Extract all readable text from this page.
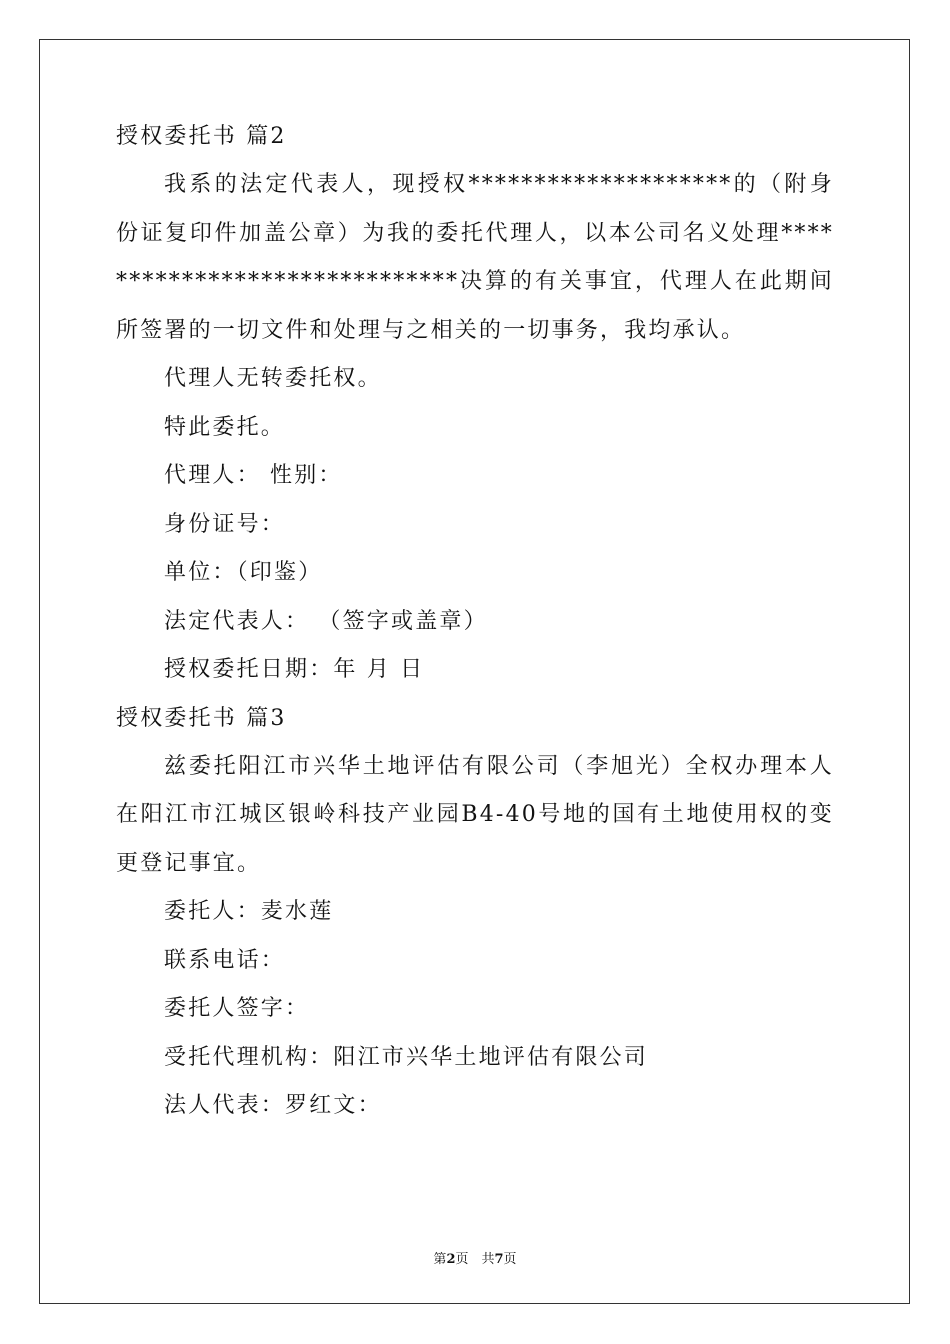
授权委托书 篇2

我系的法定代表人，现授权********************的（附身份证复印件加盖公章）为我的委托代理人，以本公司名义处理******************************决算的有关事宜，代理人在此期间所签署的一切文件和处理与之相关的一切事务，我均承认。

代理人无转委托权。

特此委托。

代理人： 性别：

身份证号：

单位：（印鉴）

法定代表人： （签字或盖章）

授权委托日期：年 月 日

授权委托书 篇3

兹委托阳江市兴华土地评估有限公司（李旭光）全权办理本人在阳江市江城区银岭科技产业园B4-40号地的国有土地使用权的变更登记事宜。

委托人：麦水莲

联系电话：

委托人签字：

受托代理机构：阳江市兴华土地评估有限公司

法人代表：罗红文：

第2页　共7页
